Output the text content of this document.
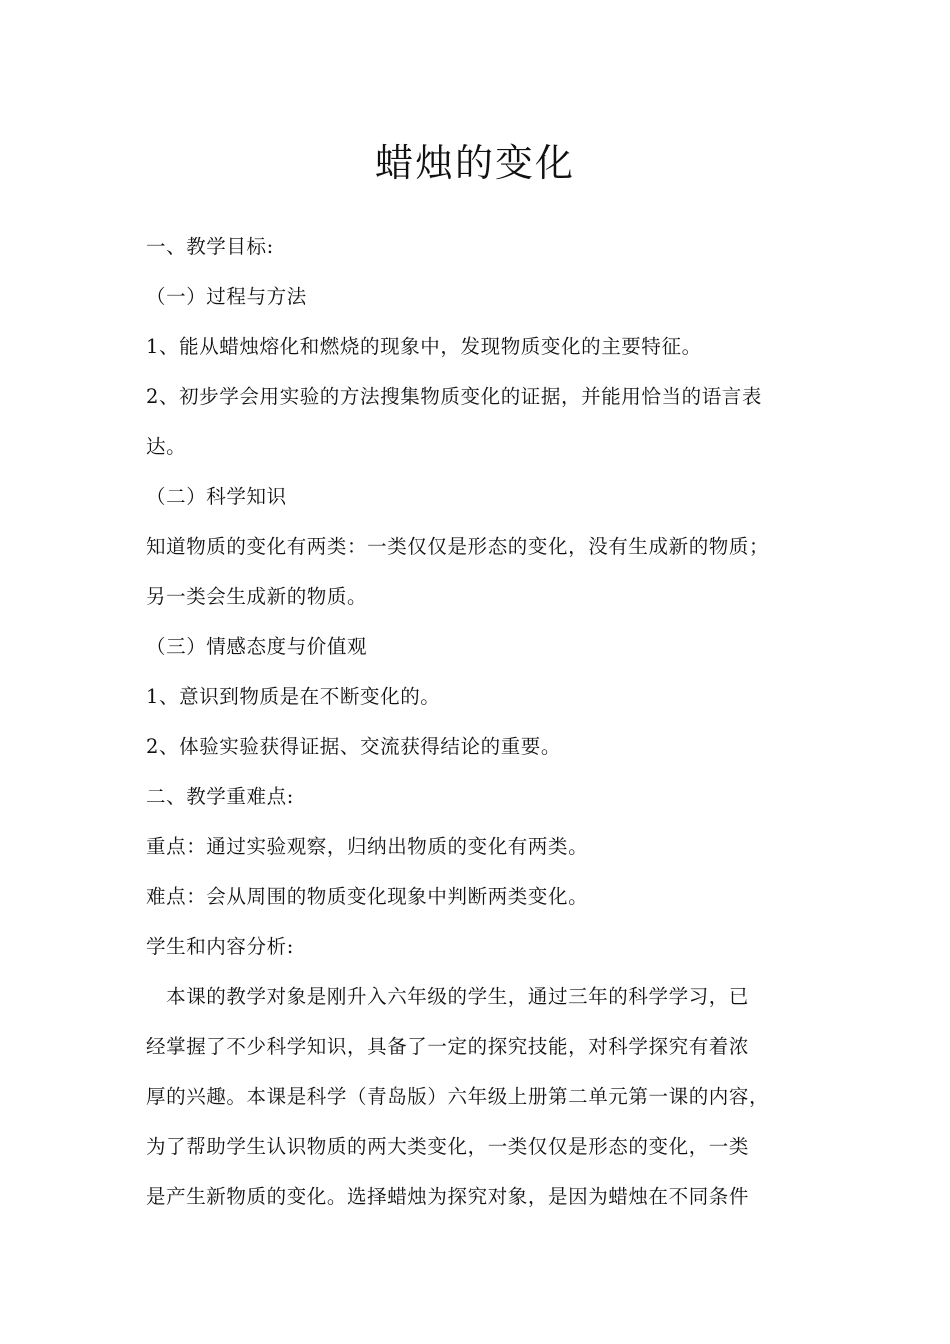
蜡烛的变化
一、教学目标:
（一）过程与方法
1、能从蜡烛熔化和燃烧的现象中，发现物质变化的主要特征。
2、初步学会用实验的方法搜集物质变化的证据，并能用恰当的语言表
达。
（二）科学知识
知道物质的变化有两类：一类仅仅是形态的变化，没有生成新的物质；
另一类会生成新的物质。
（三）情感态度与价值观
1、意识到物质是在不断变化的。
2、体验实验获得证据、交流获得结论的重要。
二、教学重难点:
重点：通过实验观察，归纳出物质的变化有两类。
难点：会从周围的物质变化现象中判断两类变化。
学生和内容分析:
　本课的教学对象是刚升入六年级的学生，通过三年的科学学习，已
经掌握了不少科学知识，具备了一定的探究技能，对科学探究有着浓
厚的兴趣。本课是科学（青岛版）六年级上册第二单元第一课的内容，
为了帮助学生认识物质的两大类变化，一类仅仅是形态的变化，一类
是产生新物质的变化。选择蜡烛为探究对象，是因为蜡烛在不同条件
